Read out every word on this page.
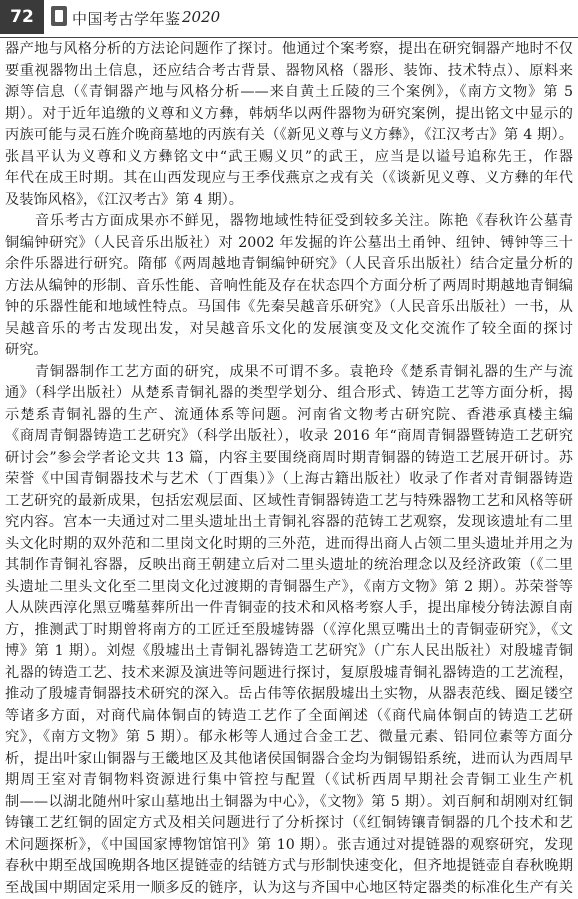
72	中国考古学年鉴 2020
器产地与风格分析的方法论问题作了探讨。他通过个案考察，提出在研究铜器产地时不仅
要重视器物出土信息，还应结合考古背景、器物风格（器形、装饰、技术特点）、原料来
源等信息（《青铜器产地与风格分析——来自黄土丘陵的三个案例》，《南方文物》第 5
期）。对于近年追缴的义尊和义方彝，韩炳华以两件器物为研究案例，提出铭文中显示的
丙族可能与灵石旌介晚商墓地的丙族有关（《新见义尊与义方彝》，《江汉考古》第 4 期）。
张昌平认为义尊和义方彝铭文中“武王赐义贝”的武王，应当是以谥号追称先王，作器
年代在成王时期。其在山西发现应与王季伐燕京之戎有关（《谈新见义尊、义方彝的年代
及装饰风格》，《江汉考古》第 4 期）。
　　音乐考古方面成果亦不鲜见，器物地域性特征受到较多关注。陈艳《春秋许公墓青
铜编钟研究》（人民音乐出版社）对 2002 年发掘的许公墓出土甬钟、纽钟、镈钟等三十
余件乐器进行研究。隋郁《两周越地青铜编钟研究》（人民音乐出版社）结合定量分析的
方法从编钟的形制、音乐性能、音响性能及存在状态四个方面分析了两周时期越地青铜编
钟的乐器性能和地域性特点。马国伟《先秦吴越音乐研究》（人民音乐出版社）一书，从
吴越音乐的考古发现出发，对吴越音乐文化的发展演变及文化交流作了较全面的探讨
研究。
　　青铜器制作工艺方面的研究，成果不可谓不多。袁艳玲《楚系青铜礼器的生产与流
通》（科学出版社）从楚系青铜礼器的类型学划分、组合形式、铸造工艺等方面分析，揭
示楚系青铜礼器的生产、流通体系等问题。河南省文物考古研究院、香港承真楼主编
《商周青铜器铸造工艺研究》（科学出版社），收录 2016 年“商周青铜器暨铸造工艺研究
研讨会”参会学者论文共 13 篇，内容主要围绕商周时期青铜器的铸造工艺展开研讨。苏
荣誉《中国青铜器技术与艺术（丁酉集）》（上海古籍出版社）收录了作者对青铜器铸造
工艺研究的最新成果，包括宏观层面、区域性青铜器铸造工艺与特殊器物工艺和风格等研
究内容。宫本一夫通过对二里头遗址出土青铜礼容器的范铸工艺观察，发现该遗址有二里
头文化时期的双外范和二里岗文化时期的三外范，进而得出商人占领二里头遗址并用之为
其制作青铜礼容器，反映出商王朝建立后对二里头遗址的统治理念以及经济政策（《二里
头遗址二里头文化至二里岗文化过渡期的青铜器生产》，《南方文物》第 2 期）。苏荣誉等
人从陕西淳化黑豆嘴墓葬所出一件青铜壶的技术和风格考察人手，提出扉棱分铸法源自南
方，推测武丁时期曾将南方的工匠迁至殷墟铸器（《淳化黑豆嘴出土的青铜壶研究》，《文
博》第 1 期）。刘煜《殷墟出土青铜礼器铸造工艺研究》（广东人民出版社）对殷墟青铜
礼器的铸造工艺、技术来源及演进等问题进行探讨，复原殷墟青铜礼器铸造的工艺流程，
推动了殷墟青铜器技术研究的深入。岳占伟等依据殷墟出土实物，从器表范线、圈足镂空
等诸多方面，对商代扁体铜卣的铸造工艺作了全面阐述（《商代扁体铜卣的铸造工艺研
究》，《南方文物》第 5 期）。郁永彬等人通过合金工艺、微量元素、铅同位素等方面分
析，提出叶家山铜器与王畿地区及其他诸侯国铜器合金均为铜锡铅系统，进而认为西周早
期周王室对青铜物料资源进行集中管控与配置（《试析西周早期社会青铜工业生产机
制——以湖北随州叶家山墓地出土铜器为中心》，《文物》第 5 期）。刘百舸和胡刚对红铜
铸镶工艺红铜的固定方式及相关问题进行了分析探讨（《红铜铸镶青铜器的几个技术和艺
术问题探析》，《中国国家博物馆馆刊》第 10 期）。张吉通过对提链器的观察研究，发现
春秋中期至战国晚期各地区提链壶的结链方式与形制快速变化，但齐地提链壶自春秋晚期
至战国中期固定采用一顺多反的链序，认为这与齐国中心地区特定器类的标准化生产有关
